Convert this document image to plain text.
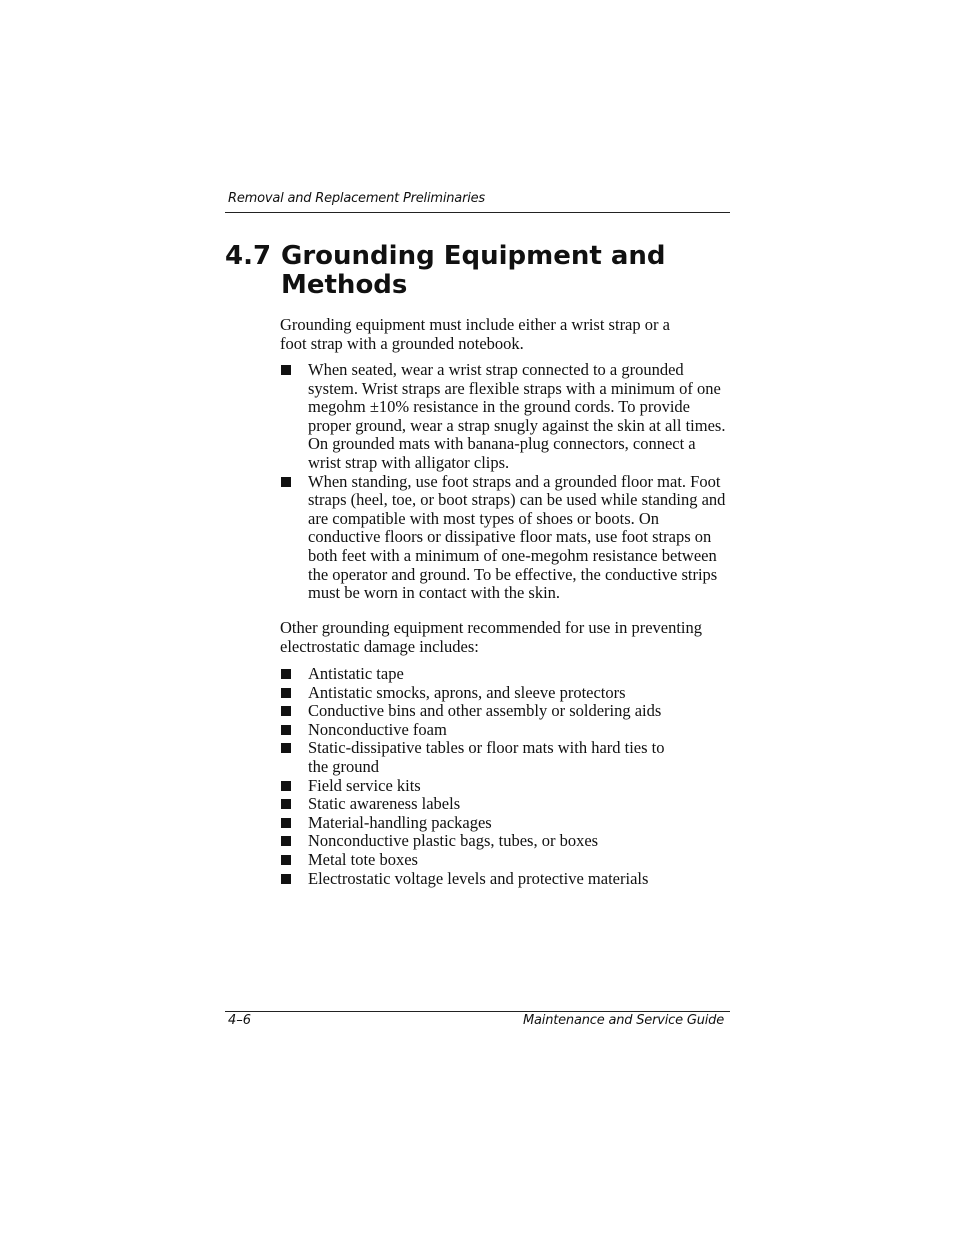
Removal and Replacement Preliminaries
4.7 Grounding Equipment and
Methods

Grounding equipment must include either a wrist strap or a foot strap with a grounded notebook.

When seated, wear a wrist strap connected to a grounded system. Wrist straps are flexible straps with a minimum of one megohm ±10% resistance in the ground cords. To provide proper ground, wear a strap snugly against the skin at all times. On grounded mats with banana-plug connectors, connect a wrist strap with alligator clips.
When standing, use foot straps and a grounded floor mat. Foot straps (heel, toe, or boot straps) can be used while standing and are compatible with most types of shoes or boots. On conductive floors or dissipative floor mats, use foot straps on both feet with a minimum of one-megohm resistance between the operator and ground. To be effective, the conductive strips must be worn in contact with the skin.

Other grounding equipment recommended for use in preventing electrostatic damage includes:

Antistatic tape
Antistatic smocks, aprons, and sleeve protectors
Conductive bins and other assembly or soldering aids
Nonconductive foam
Static-dissipative tables or floor mats with hard ties to the ground
Field service kits
Static awareness labels
Material-handling packages
Nonconductive plastic bags, tubes, or boxes
Metal tote boxes
Electrostatic voltage levels and protective materials
4–6	Maintenance and Service Guide
